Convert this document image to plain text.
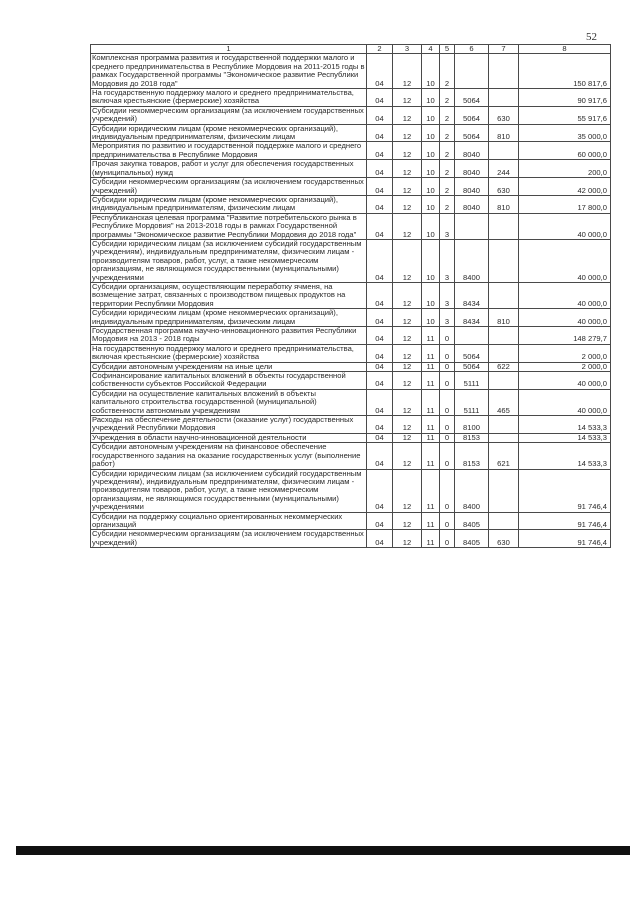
52
1	2	3	4	5	6	7	8
Комплексная программа развития и государственной поддержки малого и среднего предпринимательства в Республике Мордовия на 2011-2015 годы в рамках Государственной программы "Экономическое развитие Республики Мордовия до 2018 года"	04	12	10	2			150 817,6
На государственную поддержку малого и среднего предпринимательства, включая крестьянские (фермерские) хозяйства	04	12	10	2	5064		90 917,6
Субсидии некоммерческим организациям (за исключением государственных учреждений)	04	12	10	2	5064	630	55 917,6
Субсидии юридическим лицам (кроме некоммерческих организаций), индивидуальным предпринимателям, физическим лицам	04	12	10	2	5064	810	35 000,0
Мероприятия по развитию и государственной поддержке малого и среднего предпринимательства в Республике Мордовия	04	12	10	2	8040		60 000,0
Прочая закупка товаров, работ и услуг для обеспечения государственных (муниципальных) нужд	04	12	10	2	8040	244	200,0
Субсидии некоммерческим организациям (за исключением государственных учреждений)	04	12	10	2	8040	630	42 000,0
Субсидии юридическим лицам (кроме некоммерческих организаций), индивидуальным предпринимателям, физическим лицам	04	12	10	2	8040	810	17 800,0
Республиканская целевая программа "Развитие потребительского рынка в Республике Мордовия" на 2013-2018 годы в рамках Государственной программы "Экономическое развитие Республики Мордовия до 2018 года"	04	12	10	3			40 000,0
Субсидии юридическим лицам (за исключением субсидий государственным учреждениям), индивидуальным предпринимателям, физическим лицам - производителям товаров, работ, услуг, а также некоммерческим организациям, не являющимся государственными (муниципальными) учреждениями	04	12	10	3	8400		40 000,0
Субсидии организациям, осуществляющим переработку ячменя, на возмещение затрат, связанных с производством пищевых продуктов на территории Республики Мордовия	04	12	10	3	8434		40 000,0
Субсидии юридическим лицам (кроме некоммерческих организаций), индивидуальным предпринимателям, физическим лицам	04	12	10	3	8434	810	40 000,0
Государственная программа научно-инновационного развития Республики Мордовия на 2013 - 2018 годы	04	12	11	0			148 279,7
На государственную поддержку малого и среднего предпринимательства, включая крестьянские (фермерские) хозяйства	04	12	11	0	5064		2 000,0
Субсидии автономным учреждениям на иные цели	04	12	11	0	5064	622	2 000,0
Софинансирование капитальных вложений в объекты государственной собственности субъектов Российской Федерации	04	12	11	0	5111		40 000,0
Субсидии на осуществление капитальных вложений в объекты капитального строительства государственной (муниципальной) собственности автономным учреждениям	04	12	11	0	5111	465	40 000,0
Расходы на обеспечение деятельности (оказание услуг) государственных учреждений Республики Мордовия	04	12	11	0	8100		14 533,3
Учреждения в области научно-инновационной деятельности	04	12	11	0	8153		14 533,3
Субсидии автономным учреждениям на финансовое обеспечение государственного задания на оказание государственных услуг (выполнение работ)	04	12	11	0	8153	621	14 533,3
Субсидии юридическим лицам (за исключением субсидий государственным учреждениям), индивидуальным предпринимателям, физическим лицам - производителям товаров, работ, услуг, а также некоммерческим организациям, не являющимся государственными (муниципальными) учреждениями	04	12	11	0	8400		91 746,4
Субсидии на поддержку социально ориентированных некоммерческих организаций	04	12	11	0	8405		91 746,4
Субсидии некоммерческим организациям (за исключением государственных учреждений)	04	12	11	0	8405	630	91 746,4
